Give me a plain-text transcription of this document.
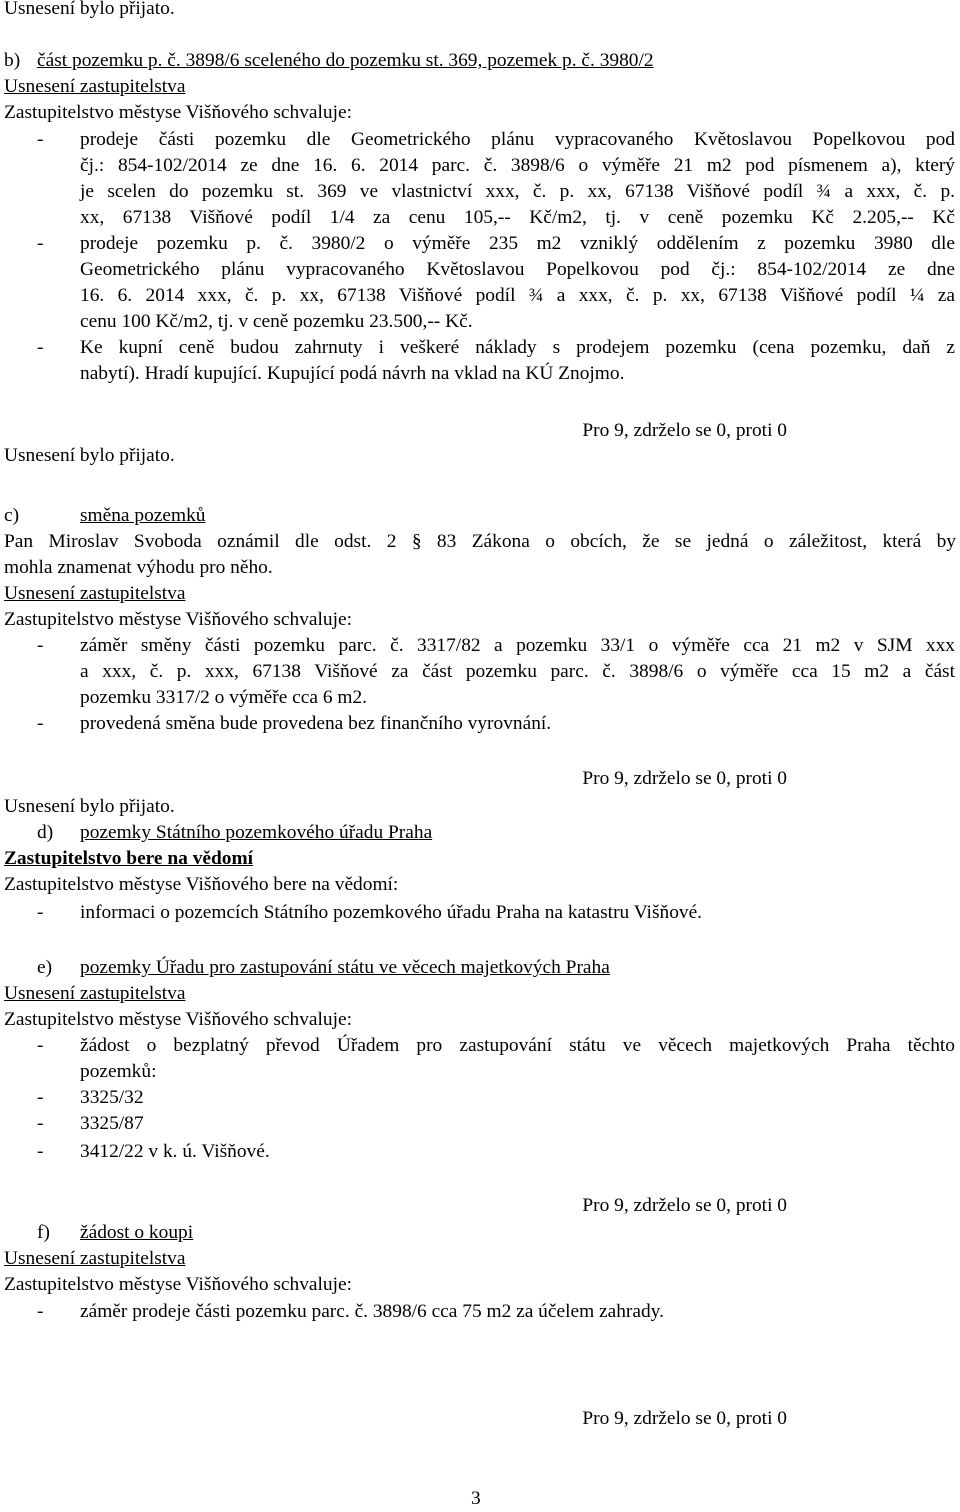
Usnesení bylo přijato.
b) část pozemku p. č. 3898/6 sceleného do pozemku st. 369, pozemek p. č. 3980/2
Usnesení zastupitelstva
Zastupitelstvo městyse Višňového schvaluje:
- prodeje části pozemku dle Geometrického plánu vypracovaného Květoslavou Popelkovou pod
čj.: 854-102/2014 ze dne 16. 6. 2014 parc. č. 3898/6 o výměře 21 m2 pod písmenem a), který
je scelen do pozemku st. 369 ve vlastnictví xxx, č. p. xx, 67138 Višňové podíl ¾ a xxx, č. p.
xx, 67138 Višňové podíl 1/4 za cenu 105,-- Kč/m2, tj. v ceně pozemku Kč 2.205,-- Kč
- prodeje pozemku p. č. 3980/2 o výměře 235 m2 vzniklý oddělením z pozemku 3980 dle
Geometrického plánu vypracovaného Květoslavou Popelkovou pod čj.: 854-102/2014 ze dne
16. 6. 2014 xxx, č. p. xx, 67138 Višňové podíl ¾ a xxx, č. p. xx, 67138 Višňové podíl ¼ za
cenu 100 Kč/m2, tj. v ceně pozemku 23.500,-- Kč.
- Ke kupní ceně budou zahrnuty i veškeré náklady s prodejem pozemku (cena pozemku, daň z
nabytí). Hradí kupující. Kupující podá návrh na vklad na KÚ Znojmo.
Pro 9, zdrželo se 0, proti 0
Usnesení bylo přijato.
c)	směna pozemků
Pan Miroslav Svoboda oznámil dle odst. 2 § 83 Zákona o obcích, že se jedná o záležitost, která by
mohla znamenat výhodu pro něho.
Usnesení zastupitelstva
Zastupitelstvo městyse Višňového schvaluje:
- záměr směny části pozemku parc. č. 3317/82 a pozemku 33/1 o výměře cca 21 m2 v SJM xxx
a xxx, č. p. xxx, 67138 Višňové za část pozemku parc. č. 3898/6 o výměře cca 15 m2 a část
pozemku 3317/2 o výměře cca 6 m2.
- provedená směna bude provedena bez finančního vyrovnání.
Pro 9, zdrželo se 0, proti 0
Usnesení bylo přijato.
d) pozemky Státního pozemkového úřadu Praha
Zastupitelstvo bere na vědomí
Zastupitelstvo městyse Višňového bere na vědomí:
- informaci o pozemcích Státního pozemkového úřadu Praha na katastru Višňové.
e) pozemky Úřadu pro zastupování státu ve věcech majetkových Praha
Usnesení zastupitelstva
Zastupitelstvo městyse Višňového schvaluje:
- žádost o bezplatný převod Úřadem pro zastupování státu ve věcech majetkových Praha těchto
pozemků:
- 3325/32
- 3325/87
- 3412/22 v k. ú. Višňové.
Pro 9, zdrželo se 0, proti 0
f) žádost o koupi
Usnesení zastupitelstva
Zastupitelstvo městyse Višňového schvaluje:
- záměr prodeje části pozemku parc. č. 3898/6 cca 75 m2 za účelem zahrady.
Pro 9, zdrželo se 0, proti 0
3
